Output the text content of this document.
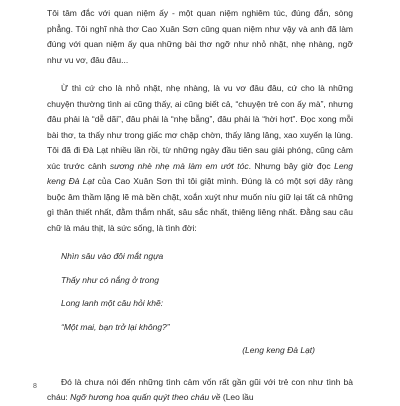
Tôi tâm đắc với quan niệm ấy - một quan niệm nghiêm túc, đúng đắn, sòng phẳng. Tôi nghĩ nhà thơ Cao Xuân Sơn cũng quan niệm như vậy và anh đã làm đúng với quan niệm ấy qua những bài thơ ngỡ như nhỏ nhặt, nhẹ nhàng, ngỡ như vu vơ, đâu đâu...

Ừ thì cứ cho là nhỏ nhặt, nhẹ nhàng, là vu vơ đâu đâu, cứ cho là những chuyện thường tình ai cũng thấy, ai cũng biết cả, “chuyện trẻ con ấy mà”, nhưng đâu phải là “dễ dãi”, đâu phải là “nhẹ bẫng”, đâu phải là “hời hợt”. Đọc xong mỗi bài thơ, ta thấy như trong giấc mơ chập chờn, thấy lâng lâng, xao xuyến lạ lùng. Tôi đã đi Đà Lạt nhiều lần rồi, từ những ngày đầu tiên sau giải phóng, cũng cảm xúc trước cảnh sương nhè nhẹ mà làm em ướt tóc. Nhưng bây giờ đọc Leng keng Đà Lạt của Cao Xuân Sơn thì tôi giật mình. Đúng là có một sợi dây ràng buộc âm thầm lặng lẽ mà bền chặt, xoắn xuýt như muốn níu giữ lại tất cả những gì thân thiết nhất, đằm thắm nhất, sâu sắc nhất, thiêng liêng nhất. Đằng sau câu chữ là máu thịt, là sức sống, là tình đời:

Nhìn sâu vào đôi mắt ngựa
Thấy như có nắng ở trong
Long lanh một câu hỏi khẽ:
“Một mai, bạn trở lại không?”

(Leng keng Đà Lạt)

Đó là chưa nói đến những tình cảm vốn rất gần gũi với trẻ con như tình bà cháu: Ngỡ hương hoa quấn quýt theo cháu về (Leo lầu

8
